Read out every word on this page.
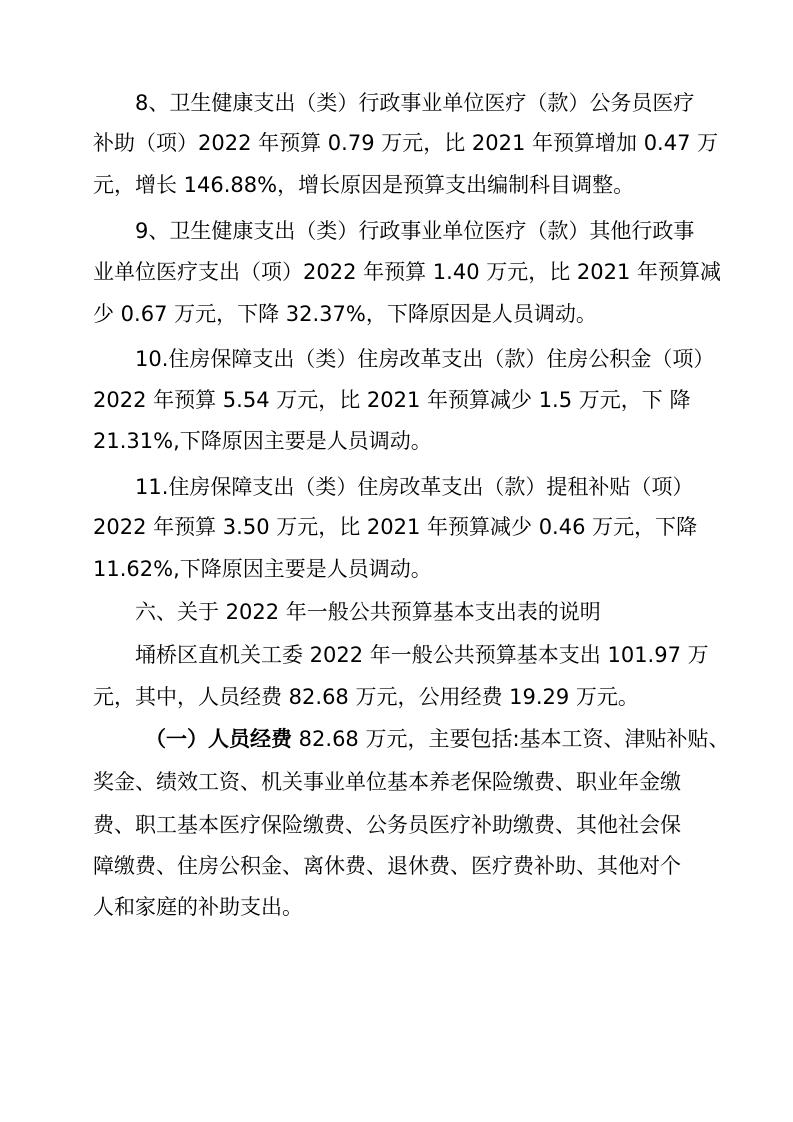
8、卫生健康支出（类）行政事业单位医疗（款）公务员医疗
补助（项）2022 年预算 0.79 万元，比 2021 年预算增加 0.47 万
元，增长 146.88%，增长原因是预算支出编制科目调整。
9、卫生健康支出（类）行政事业单位医疗（款）其他行政事
业单位医疗支出（项）2022 年预算 1.40 万元，比 2021 年预算减
少 0.67 万元，下降 32.37%，下降原因是人员调动。
10.住房保障支出（类）住房改革支出（款）住房公积金（项）
2022 年预算 5.54 万元，比 2021 年预算减少 1.5 万元，下 降
21.31%,下降原因主要是人员调动。
11.住房保障支出（类）住房改革支出（款）提租补贴（项）
2022 年预算 3.50 万元，比 2021 年预算减少 0.46 万元，下降
11.62%,下降原因主要是人员调动。
六、关于 2022 年一般公共预算基本支出表的说明
埇桥区直机关工委 2022 年一般公共预算基本支出 101.97 万
元，其中，人员经费 82.68 万元，公用经费 19.29 万元。
（一）人员经费 82.68 万元，主要包括:基本工资、津贴补贴、
奖金、绩效工资、机关事业单位基本养老保险缴费、职业年金缴
费、职工基本医疗保险缴费、公务员医疗补助缴费、其他社会保
障缴费、住房公积金、离休费、退休费、医疗费补助、其他对个
人和家庭的补助支出。
